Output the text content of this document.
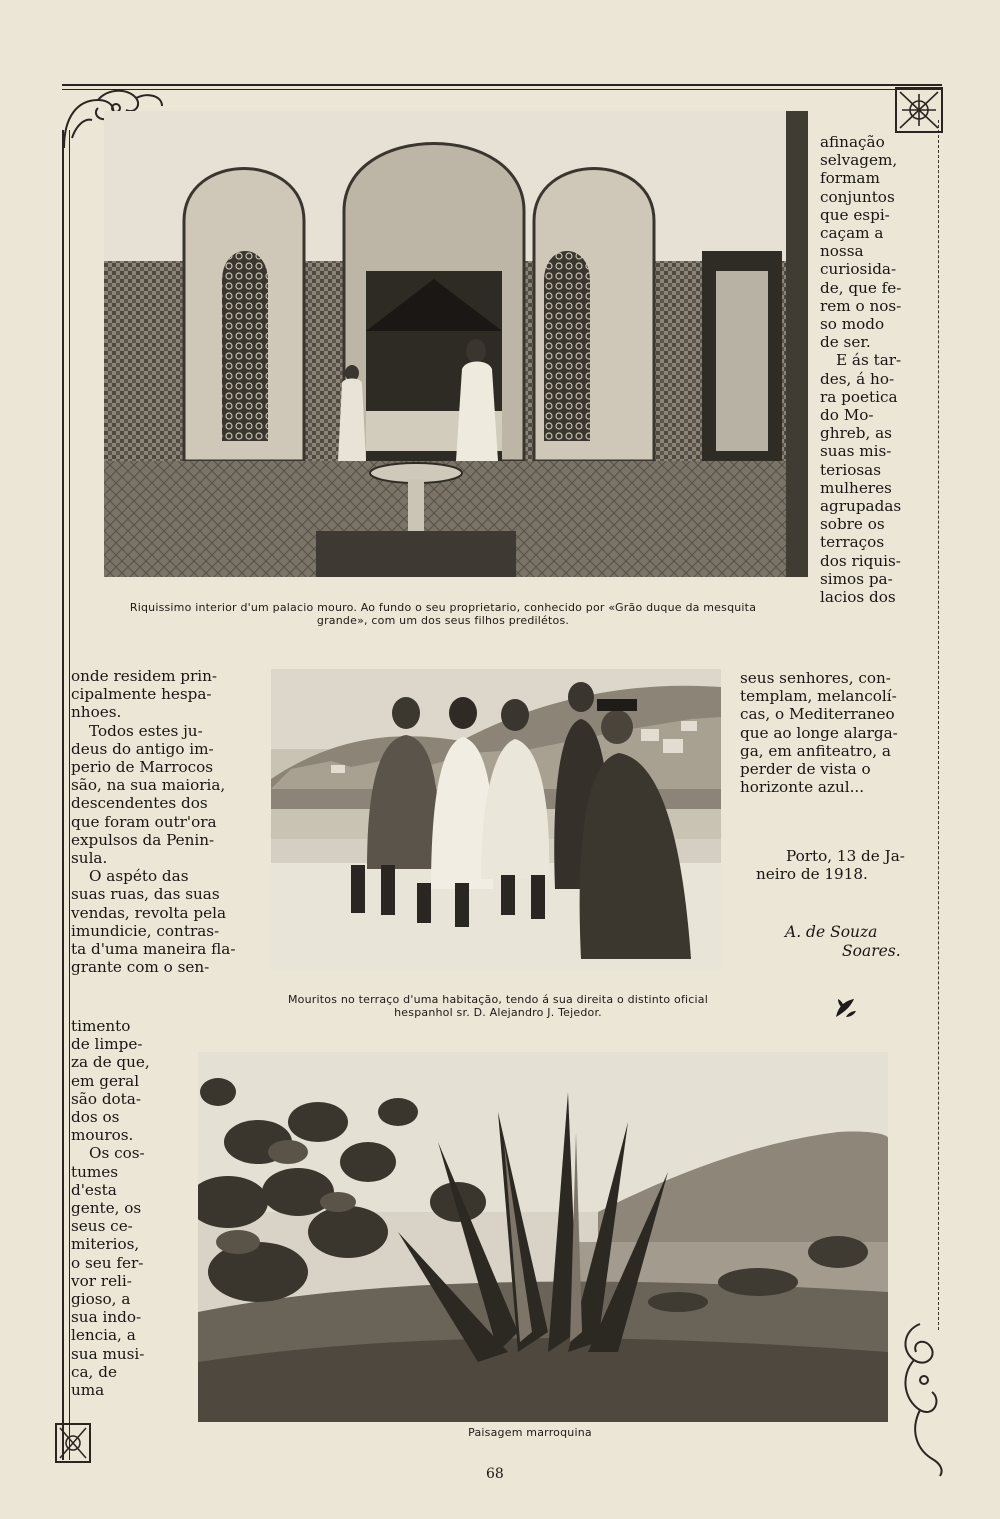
Riquissimo interior d'um palacio mouro. Ao fundo o seu proprietario, conhecido por «Grão duque da mesquita grande», com um dos seus filhos predilétos.
afinação
selvagem,
formam
conjuntos
que espi-
caçam a
nossa
curiosida-
de, que fe-
rem o nos-
so modo
de ser.
E ás tar-
des, á ho-
ra poetica
do Mo-
ghreb, as
suas mis-
teriosas
mulheres
agrupadas
sobre os
terraços
dos riquis-
simos pa-
lacios dos
seus senhores, con-
templam, melancolí-
cas, o Mediterraneo
que ao longe alarga-
ga, em anfiteatro, a
perder de vista o
horizonte azul...
Porto, 13 de Ja-
neiro de 1918.
A. de Souza
Soares.
Mouritos no terraço d'uma habitação, tendo á sua direita o distinto oficial hespanhol sr. D. Alejandro J. Tejedor.
onde residem prin-
cipalmente hespa-
nhoes.
Todos estes ju-
deus do antigo im-
perio de Marrocos
são, na sua maioria,
descendentes dos
que foram outr'ora
expulsos da Penin-
sula.
O aspéto das
suas ruas, das suas
vendas, revolta pela
imundicie, contras-
ta d'uma maneira fla-
grante com o sen-
timento
de limpe-
za de que,
em geral
são dota-
dos os
mouros.
Os cos-
tumes
d'esta
gente, os
seus ce-
miterios,
o seu fer-
vor reli-
gioso, a
sua indo-
lencia, a
sua musi-
ca, de
uma
Paisagem marroquina
68
